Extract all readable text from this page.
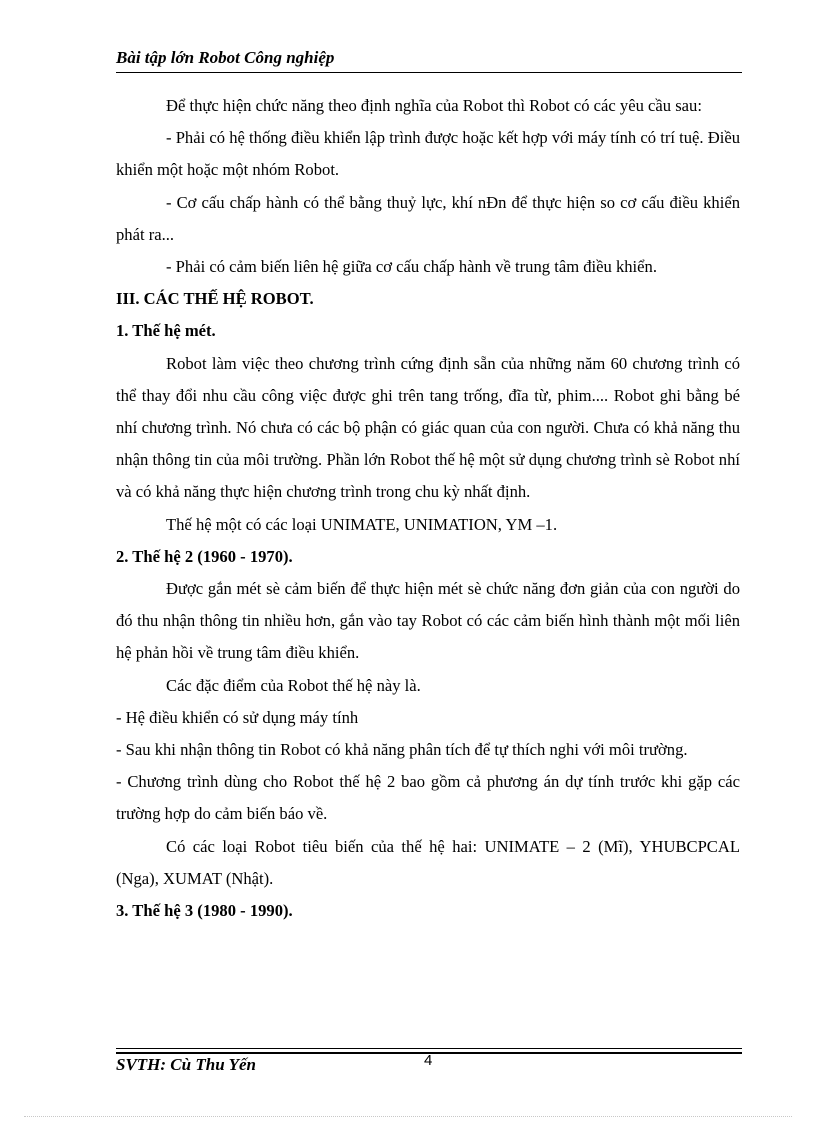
Bài tập lớn Robot Công nghiệp

Để thực hiện chức năng theo định nghĩa của Robot thì Robot có các yêu cầu sau:

- Phải có hệ thống điều khiển lập trình được hoặc kết hợp với máy tính có trí tuệ. Điều khiển một hoặc một nhóm Robot.

- Cơ cấu chấp hành có thể bằng thuỷ lực, khí nÐn để thực hiện so cơ cấu điều khiển phát ra...

- Phải có cảm biến liên hệ giữa cơ cấu chấp hành về trung tâm điều khiển.

III. CÁC THẾ HỆ ROBOT.

1. Thế hệ mét.

Robot làm việc theo chương trình cứng định sẵn của những năm 60 chương trình có thể thay đổi nhu cầu công việc được ghi trên tang trống, đĩa từ, phim.... Robot ghi bằng bé nhí chương trình. Nó chưa có các bộ phận có giác quan của con người. Chưa có khả năng thu nhận thông tin của môi trường. Phần lớn Robot thế hệ một sử dụng chương trình sè Robot nhí và có khả năng thực hiện chương trình trong chu kỳ nhất định.

Thế hệ một có các loại UNIMATE, UNIMATION, YM –1.

2. Thế hệ 2 (1960 - 1970).

Được gắn mét sè cảm biến để thực hiện mét sè chức năng đơn giản của con người do đó thu nhận thông tin nhiều hơn, gắn vào tay Robot có các cảm biến hình thành một mối liên hệ phản hồi về trung tâm điều khiển.

Các đặc điểm của Robot thế hệ này là.

- Hệ điều khiển có sử dụng máy tính

- Sau khi nhận thông tin Robot có khả năng phân tích để tự thích nghi với môi trường.

- Chương trình dùng cho Robot thế hệ 2 bao gồm cả phương án dự tính trước khi gặp các trường hợp do cảm biến báo về.

Có các loại Robot tiêu biến của thế hệ hai: UNIMATE – 2 (Mĩ), YHUBCPCAL (Nga), XUMAT (Nhật).

3. Thế hệ 3 (1980 - 1990).

SVTH: Cù Thu Yến	4
